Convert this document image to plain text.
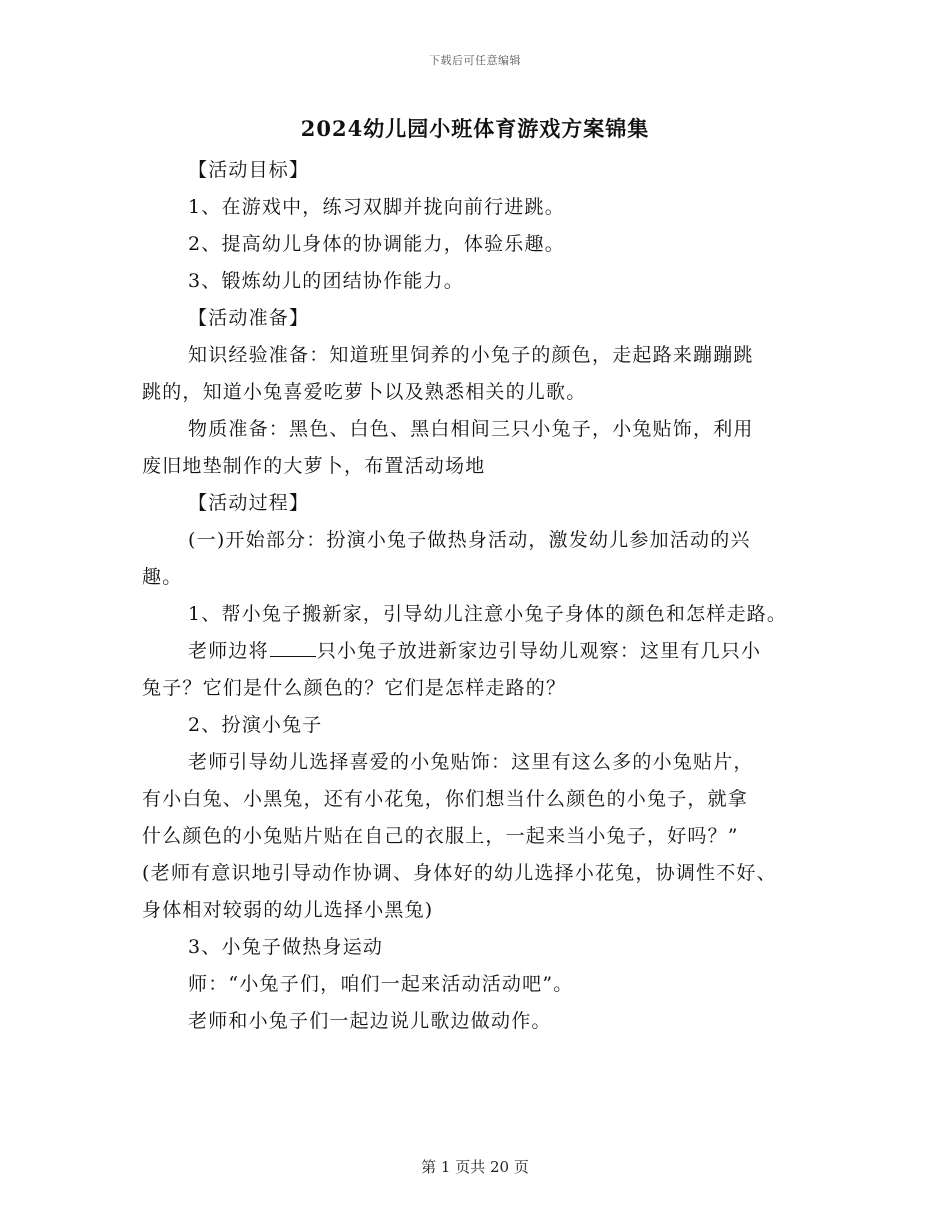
下载后可任意编辑
2024幼儿园小班体育游戏方案锦集
【活动目标】
1、在游戏中，练习双脚并拢向前行进跳。
2、提高幼儿身体的协调能力，体验乐趣。
3、锻炼幼儿的团结协作能力。
【活动准备】
知识经验准备：知道班里饲养的小兔子的颜色，走起路来蹦蹦跳
跳的，知道小兔喜爱吃萝卜以及熟悉相关的儿歌。
物质准备：黑色、白色、黑白相间三只小兔子，小兔贴饰，利用
废旧地垫制作的大萝卜，布置活动场地
【活动过程】
(一)开始部分：扮演小兔子做热身活动，激发幼儿参加活动的兴
趣。
1、帮小兔子搬新家，引导幼儿注意小兔子身体的颜色和怎样走路。
老师边将	只小兔子放进新家边引导幼儿观察：这里有几只小
兔子？它们是什么颜色的？它们是怎样走路的？
2、扮演小兔子
老师引导幼儿选择喜爱的小兔贴饰：这里有这么多的小兔贴片，
有小白兔、小黑兔，还有小花兔，你们想当什么颜色的小兔子，就拿
什么颜色的小兔贴片贴在自己的衣服上，一起来当小兔子，好吗？”
(老师有意识地引导动作协调、身体好的幼儿选择小花兔，协调性不好、
身体相对较弱的幼儿选择小黑兔)
3、小兔子做热身运动
师：“小兔子们，咱们一起来活动活动吧”。
老师和小兔子们一起边说儿歌边做动作。
第 1 页共 20 页
